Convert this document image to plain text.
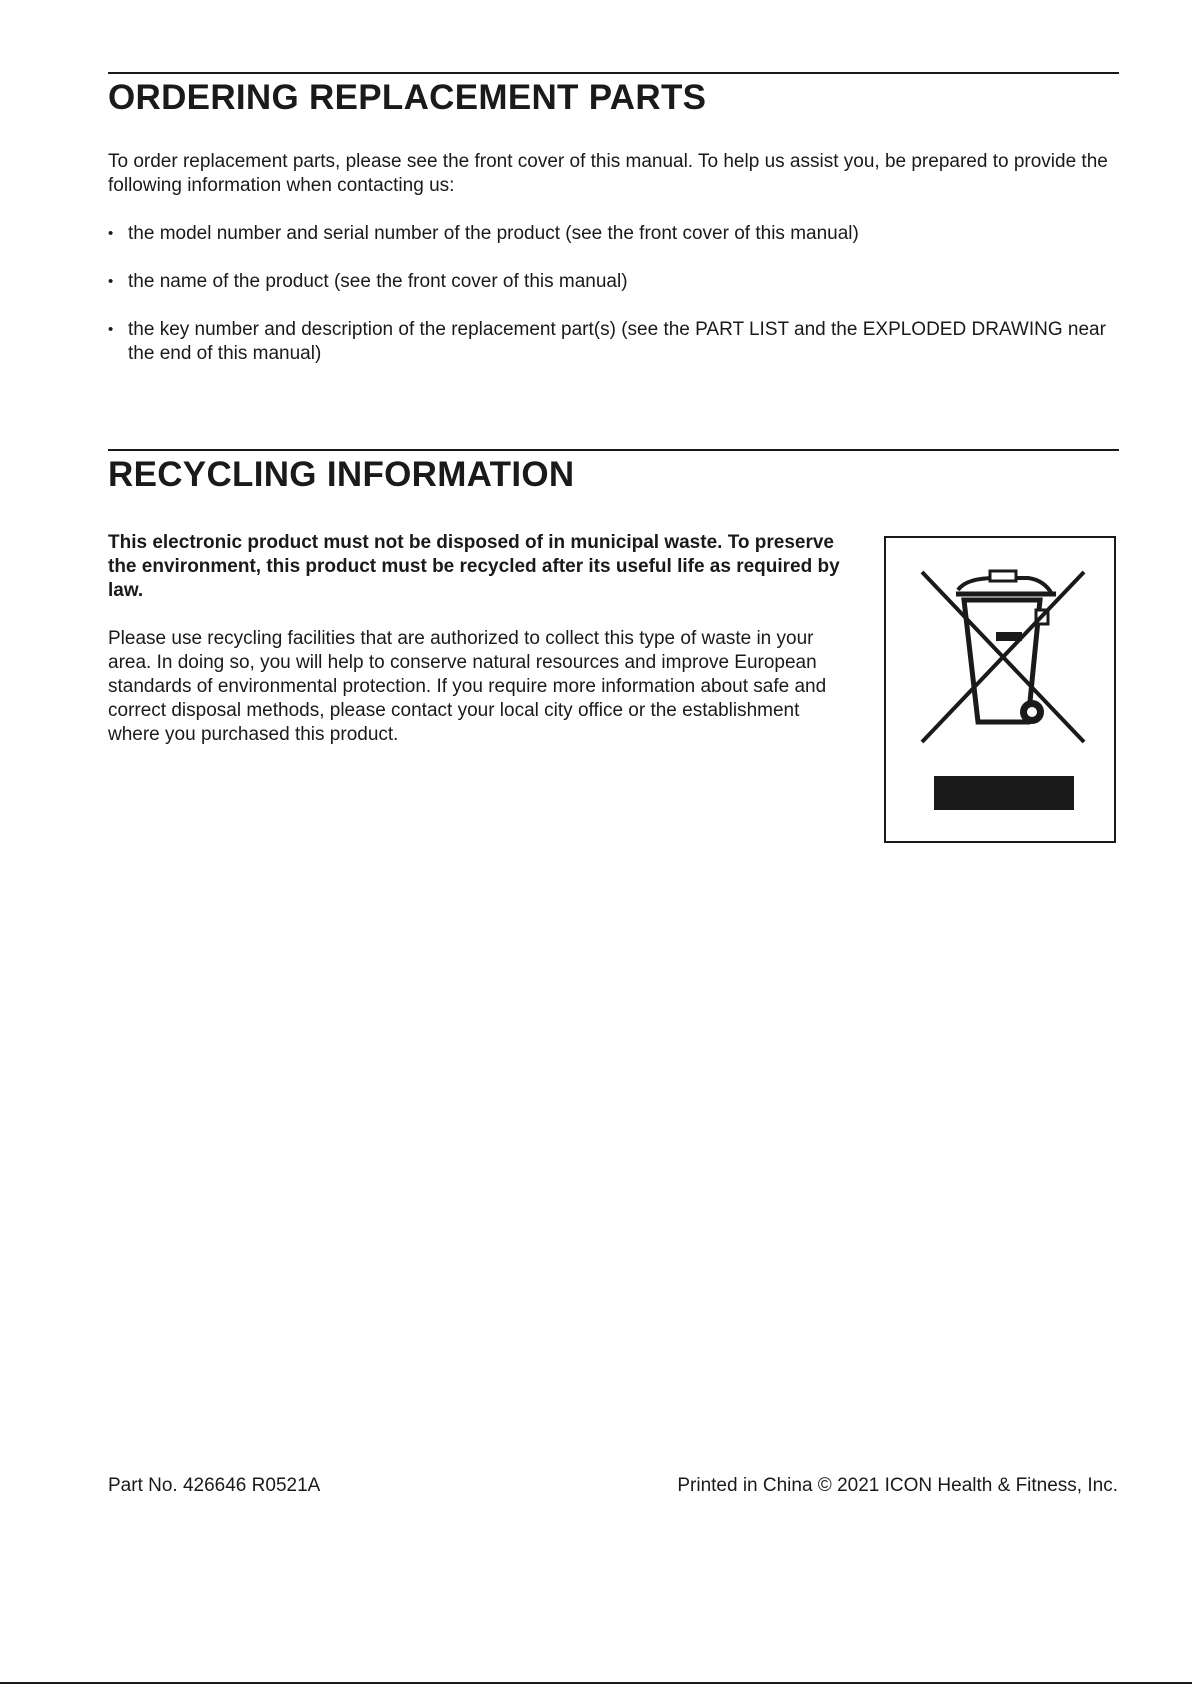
ORDERING REPLACEMENT PARTS

To order replacement parts, please see the front cover of this manual. To help us assist you, be prepared to provide the following information when contacting us:

• the model number and serial number of the product (see the front cover of this manual)
• the name of the product (see the front cover of this manual)
• the key number and description of the replacement part(s) (see the PART LIST and the EXPLODED DRAWING near the end of this manual)
RECYCLING INFORMATION

This electronic product must not be disposed of in municipal waste. To preserve the environment, this product must be recycled after its useful life as required by law.

Please use recycling facilities that are authorized to collect this type of waste in your area. In doing so, you will help to conserve natural resources and improve European standards of environmental protection. If you require more information about safe and correct disposal methods, please contact your local city office or the establishment where you purchased this product.

Part No. 426646 R0521A	Printed in China © 2021 ICON Health & Fitness, Inc.
